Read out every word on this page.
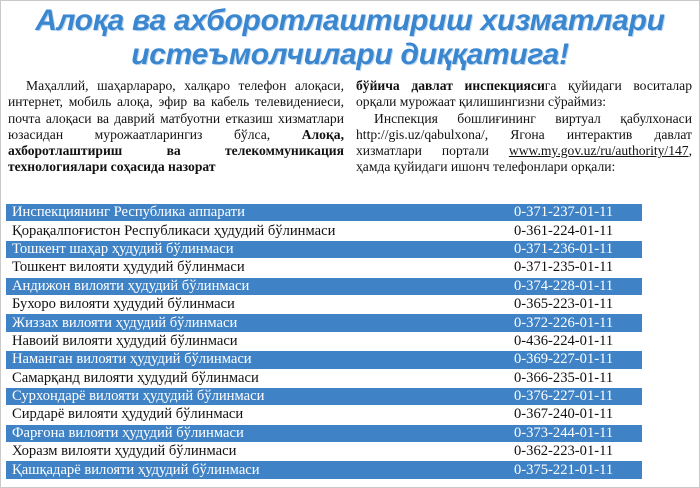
Алоқа ва ахборотлаштириш хизматлари
истеъмолчилари диққатига!

Маҳаллий, шаҳарлараро, халқаро телефон алоқаси, интернет, мобиль алоқа, эфир ва кабель телевидениеси, почта алоқаси ва даврий матбуотни етказиш хизматлари юзасидан мурожаатларингиз бўлса, Алоқа, ахборотлаштириш ва телекоммуникация технологиялари соҳасида назорат

бўйича давлат инспекциясига қуйидаги воситалар орқали мурожаат қилишингизни сўраймиз:

Инспекция бошлиғининг виртуал қабулхонаси http://gis.uz/qabulxona/, Ягона интерактив давлат хизматлари портали www.my.gov.uz/ru/authority/147, ҳамда қуйидаги ишонч телефонлари орқали:

Инспекциянинг Республика аппарати	0-371-237-01-11
Қорақалпоғистон Республикаси ҳудудий бўлинмаси	0-361-224-01-11
Тошкент шаҳар ҳудудий бўлинмаси	0-371-236-01-11
Тошкент вилояти ҳудудий бўлинмаси	0-371-235-01-11
Андижон вилояти ҳудудий бўлинмаси	0-374-228-01-11
Бухоро вилояти ҳудудий бўлинмаси	0-365-223-01-11
Жиззах вилояти ҳудудий бўлинмаси	0-372-226-01-11
Навоий вилояти ҳудудий бўлинмаси	0-436-224-01-11
Наманган вилояти ҳудудий бўлинмаси	0-369-227-01-11
Самарқанд вилояти ҳудудий бўлинмаси	0-366-235-01-11
Сурхондарё вилояти ҳудудий бўлинмаси	0-376-227-01-11
Сирдарё вилояти ҳудудий бўлинмаси	0-367-240-01-11
Фарғона вилояти ҳудудий бўлинмаси	0-373-244-01-11
Хоразм вилояти ҳудудий бўлинмаси	0-362-223-01-11
Қашқадарё вилояти ҳудудий бўлинмаси	0-375-221-01-11
